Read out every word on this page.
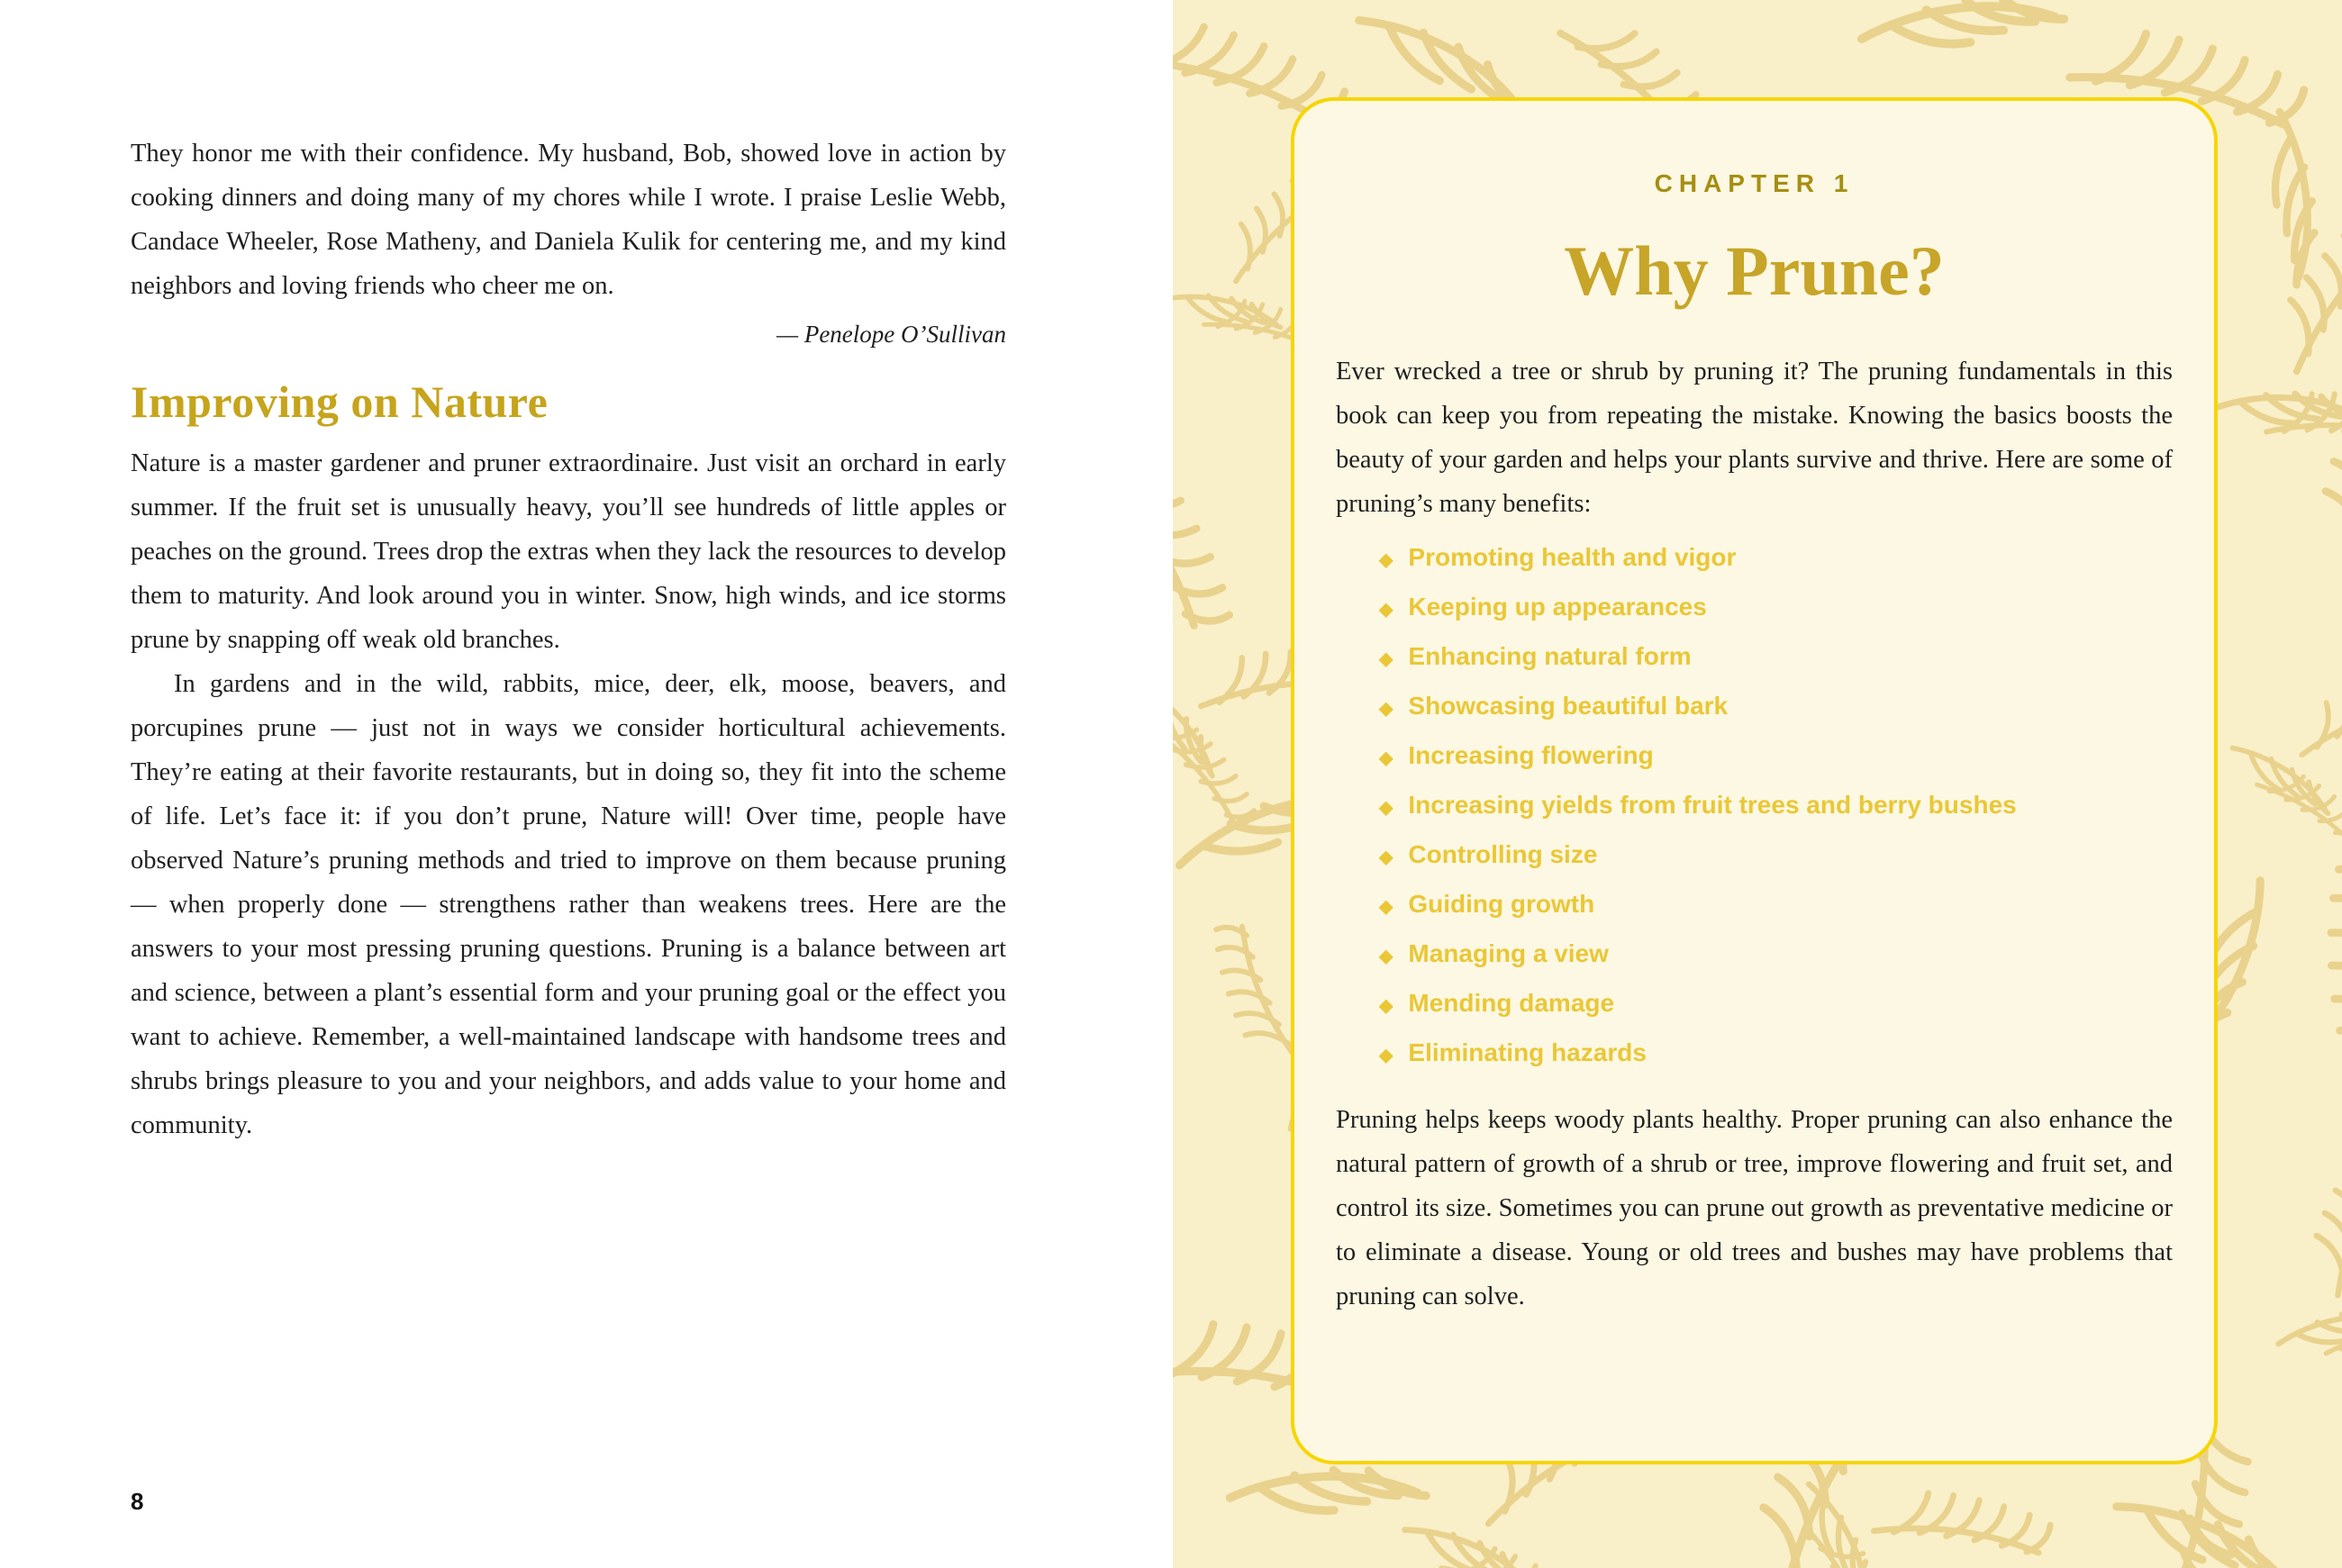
They honor me with their confidence. My husband, Bob, showed love in action by cooking dinners and doing many of my chores while I wrote. I praise Leslie Webb, Candace Wheeler, Rose Matheny, and Daniela Kulik for centering me, and my kind neighbors and loving friends who cheer me on.

— Penelope O’Sullivan

Improving on Nature

Nature is a master gardener and pruner extraordinaire. Just visit an orchard in early summer. If the fruit set is unusually heavy, you’ll see hundreds of little apples or peaches on the ground. Trees drop the extras when they lack the resources to develop them to maturity. And look around you in winter. Snow, high winds, and ice storms prune by snapping off weak old branches.

In gardens and in the wild, rabbits, mice, deer, elk, moose, beavers, and porcupines prune — just not in ways we consider horticultural achievements. They’re eating at their favorite restaurants, but in doing so, they fit into the scheme of life. Let’s face it: if you don’t prune, Nature will! Over time, people have observed Nature’s pruning methods and tried to improve on them because pruning — when properly done — strengthens rather than weakens trees. Here are the answers to your most pressing pruning questions. Pruning is a balance between art and science, between a plant’s essential form and your pruning goal or the effect you want to achieve. Remember, a well-maintained landscape with handsome trees and shrubs brings pleasure to you and your neighbors, and adds value to your home and community.

8
CHAPTER 1
Why Prune?

Ever wrecked a tree or shrub by pruning it? The pruning fundamentals in this book can keep you from repeating the mistake. Knowing the basics boosts the beauty of your garden and helps your plants survive and thrive. Here are some of pruning’s many benefits:

◆ Promoting health and vigor
◆ Keeping up appearances
◆ Enhancing natural form
◆ Showcasing beautiful bark
◆ Increasing flowering
◆ Increasing yields from fruit trees and berry bushes
◆ Controlling size
◆ Guiding growth
◆ Managing a view
◆ Mending damage
◆ Eliminating hazards

Pruning helps keeps woody plants healthy. Proper pruning can also enhance the natural pattern of growth of a shrub or tree, improve flowering and fruit set, and control its size. Sometimes you can prune out growth as preventative medicine or to eliminate a disease. Young or old trees and bushes may have problems that pruning can solve.
